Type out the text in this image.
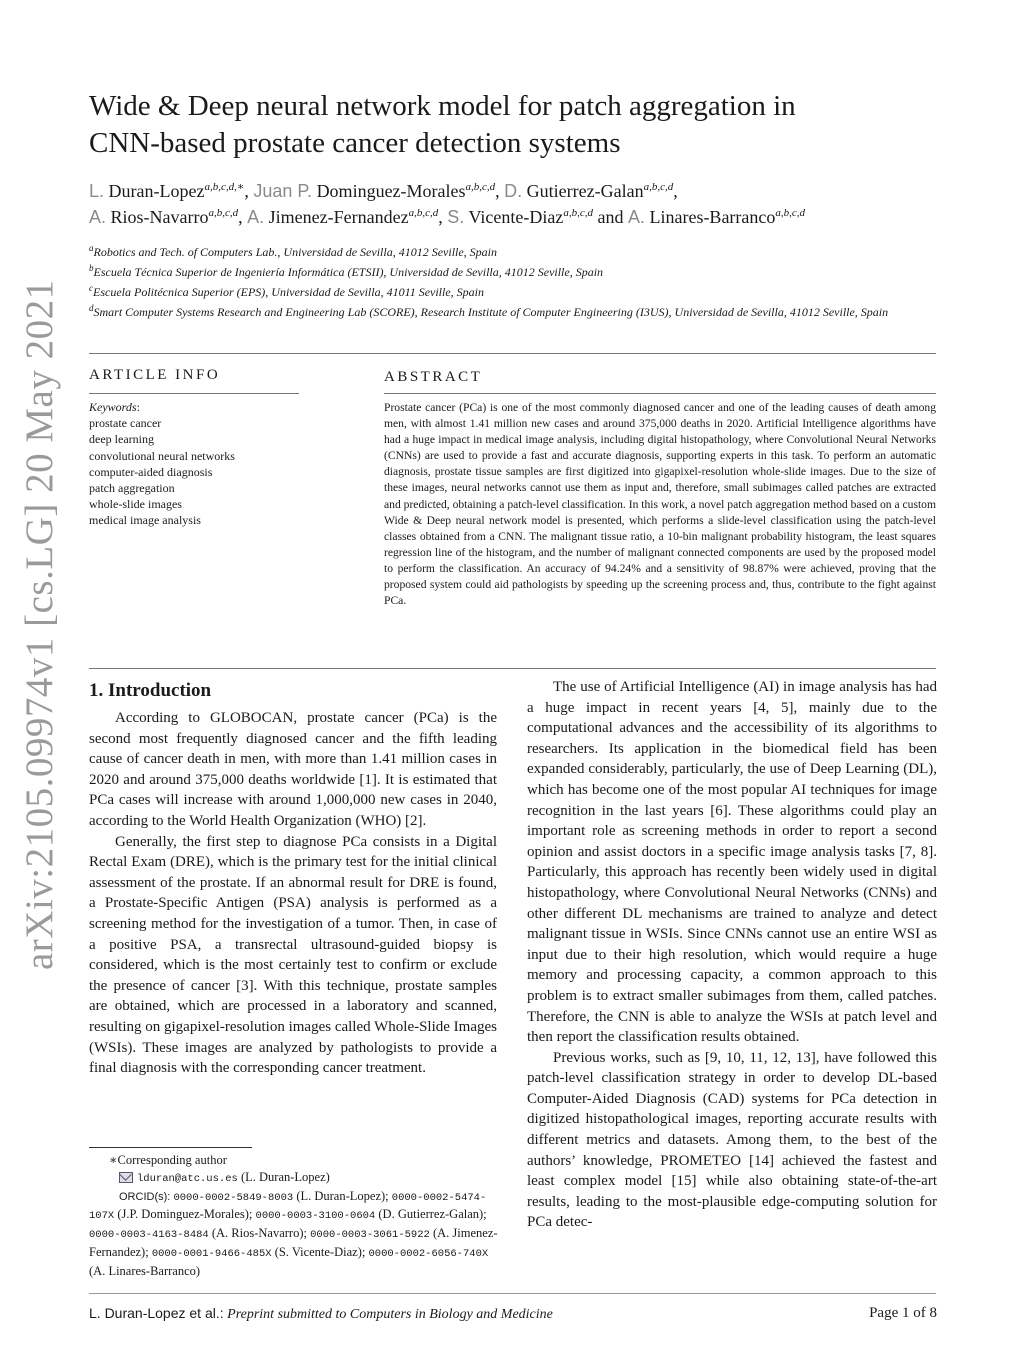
arXiv:2105.09974v1 [cs.LG] 20 May 2021
Wide & Deep neural network model for patch aggregation in
CNN-based prostate cancer detection systems
L. Duran-Lopez$^{a,b,c,d,∗}$, Juan P. Dominguez-Morales$^{a,b,c,d}$, D. Gutierrez-Galan$^{a,b,c,d}$,
A. Rios-Navarro$^{a,b,c,d}$, A. Jimenez-Fernandez$^{a,b,c,d}$, S. Vicente-Diaz$^{a,b,c,d}$ and A. Linares-Barranco$^{a,b,c,d}$
$^a$Robotics and Tech. of Computers Lab., Universidad de Sevilla, 41012 Seville, Spain
$^b$Escuela Técnica Superior de Ingeniería Informática (ETSII), Universidad de Sevilla, 41012 Seville, Spain
$^c$Escuela Politécnica Superior (EPS), Universidad de Sevilla, 41011 Seville, Spain
$^d$Smart Computer Systems Research and Engineering Lab (SCORE), Research Institute of Computer Engineering (I3US), Universidad de Sevilla, 41012 Seville, Spain
ARTICLE INFO
Keywords:
prostate cancer
deep learning
convolutional neural networks
computer-aided diagnosis
patch aggregation
whole-slide images
medical image analysis
ABSTRACT
Prostate cancer (PCa) is one of the most commonly diagnosed cancer and one of the leading causes of death among men, with almost 1.41 million new cases and around 375,000 deaths in 2020. Artificial Intelligence algorithms have had a huge impact in medical image analysis, including digital histopathology, where Convolutional Neural Networks (CNNs) are used to provide a fast and accurate diagnosis, supporting experts in this task. To perform an automatic diagnosis, prostate tissue samples are first digitized into gigapixel-resolution whole-slide images. Due to the size of these images, neural networks cannot use them as input and, therefore, small subimages called patches are extracted and predicted, obtaining a patch-level classification. In this work, a novel patch aggregation method based on a custom Wide & Deep neural network model is presented, which performs a slide-level classification using the patch-level classes obtained from a CNN. The malignant tissue ratio, a 10-bin malignant probability histogram, the least squares regression line of the histogram, and the number of malignant connected components are used by the proposed model to perform the classification. An accuracy of 94.24% and a sensitivity of 98.87% were achieved, proving that the proposed system could aid pathologists by speeding up the screening process and, thus, contribute to the fight against PCa.
1. Introduction

According to GLOBOCAN, prostate cancer (PCa) is the second most frequently diagnosed cancer and the fifth leading cause of cancer death in men, with more than 1.41 million cases in 2020 and around 375,000 deaths worldwide [1]. It is estimated that PCa cases will increase with around 1,000,000 new cases in 2040, according to the World Health Organization (WHO) [2].

Generally, the first step to diagnose PCa consists in a Digital Rectal Exam (DRE), which is the primary test for the initial clinical assessment of the prostate. If an abnormal result for DRE is found, a Prostate-Specific Antigen (PSA) analysis is performed as a screening method for the investigation of a tumor. Then, in case of a positive PSA, a transrectal ultrasound-guided biopsy is considered, which is the most certainly test to confirm or exclude the presence of cancer [3]. With this technique, prostate samples are obtained, which are processed in a laboratory and scanned, resulting on gigapixel-resolution images called Whole-Slide Images (WSIs). These images are analyzed by pathologists to provide a final diagnosis with the corresponding cancer treatment.

The use of Artificial Intelligence (AI) in image analysis has had a huge impact in recent years [4, 5], mainly due to the computational advances and the accessibility of its algorithms to researchers. Its application in the biomedical field has been expanded considerably, particularly, the use of Deep Learning (DL), which has become one of the most popular AI techniques for image recognition in the last years [6]. These algorithms could play an important role as screening methods in order to report a second opinion and assist doctors in a specific image analysis tasks [7, 8]. Particularly, this approach has recently been widely used in digital histopathology, where Convolutional Neural Networks (CNNs) and other different DL mechanisms are trained to analyze and detect malignant tissue in WSIs. Since CNNs cannot use an entire WSI as input due to their high resolution, which would require a huge memory and processing capacity, a common approach to this problem is to extract smaller subimages from them, called patches. Therefore, the CNN is able to analyze the WSIs at patch level and then report the classification results obtained.

Previous works, such as [9, 10, 11, 12, 13], have followed this patch-level classification strategy in order to develop DL-based Computer-Aided Diagnosis (CAD) systems for PCa detection in digitized histopathological images, reporting accurate results with different metrics and datasets. Among them, to the best of the authors’ knowledge, PROMETEO [14] achieved the fastest and least complex model [15] while also obtaining state-of-the-art results, leading to the most-plausible edge-computing solution for PCa detec-

∗Corresponding author
lduran@atc.us.es (L. Duran-Lopez)
ORCID(s): 0000-0002-5849-8003 (L. Duran-Lopez); 0000-0002-5474-107X (J.P. Dominguez-Morales); 0000-0003-3100-0604 (D. Gutierrez-Galan); 0000-0003-4163-8484 (A. Rios-Navarro); 0000-0003-3061-5922 (A. Jimenez-Fernandez); 0000-0001-9466-485X (S. Vicente-Diaz); 0000-0002-6056-740X (A. Linares-Barranco)
L. Duran-Lopez et al.: Preprint submitted to Computers in Biology and Medicine	Page 1 of 8
